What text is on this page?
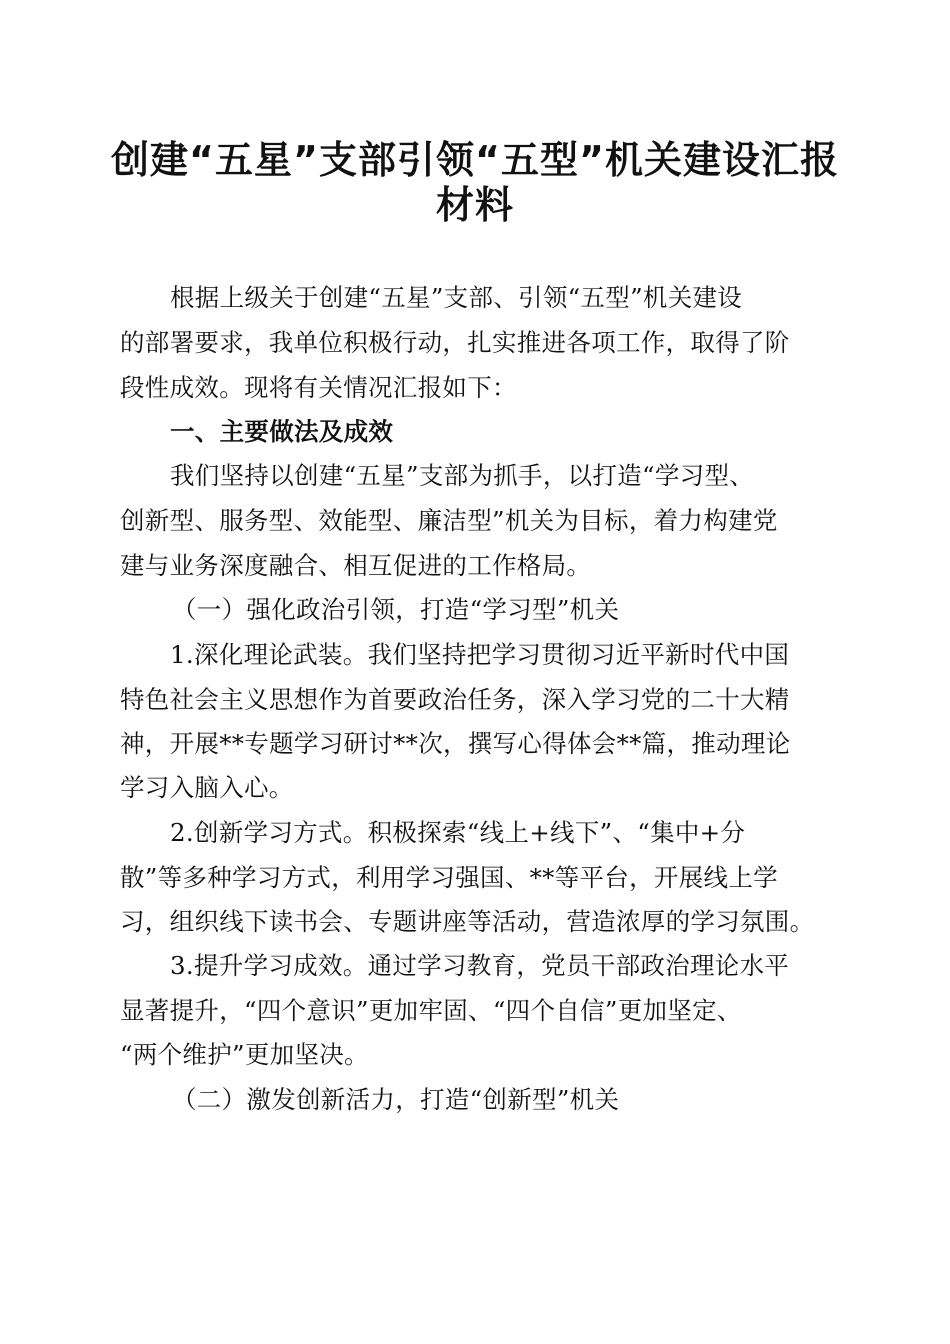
创建“五星”支部引领“五型”机关建设汇报
材料

根据上级关于创建“五星”支部、引领“五型”机关建设

的部署要求，我单位积极行动，扎实推进各项工作，取得了阶

段性成效。现将有关情况汇报如下：

一、主要做法及成效

我们坚持以创建“五星”支部为抓手，以打造“学习型、

创新型、服务型、效能型、廉洁型”机关为目标，着力构建党

建与业务深度融合、相互促进的工作格局。

（一）强化政治引领，打造“学习型”机关

1.深化理论武装。我们坚持把学习贯彻习近平新时代中国

特色社会主义思想作为首要政治任务，深入学习党的二十大精

神，开展**专题学习研讨**次，撰写心得体会**篇，推动理论

学习入脑入心。

2.创新学习方式。积极探索“线上+线下”、“集中+分

散”等多种学习方式，利用学习强国、**等平台，开展线上学

习，组织线下读书会、专题讲座等活动，营造浓厚的学习氛围。

3.提升学习成效。通过学习教育，党员干部政治理论水平

显著提升，“四个意识”更加牢固、“四个自信”更加坚定、

“两个维护”更加坚决。

（二）激发创新活力，打造“创新型”机关
